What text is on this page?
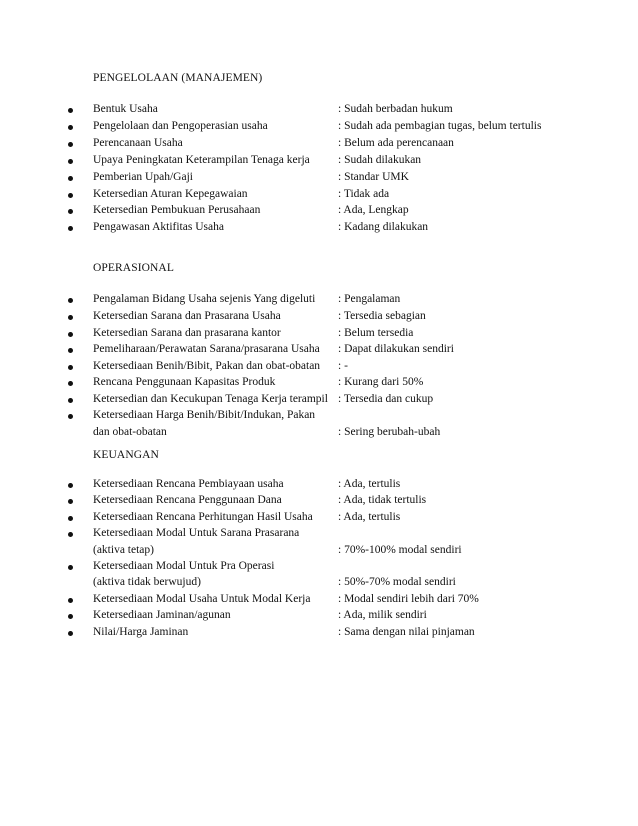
PENGELOLAAN (MANAJEMEN)
Bentuk Usaha	: Sudah berbadan hukum
Pengelolaan dan Pengoperasian usaha	: Sudah ada pembagian tugas, belum tertulis
Perencanaan Usaha	: Belum ada perencanaan
Upaya Peningkatan Keterampilan Tenaga kerja : Sudah dilakukan
Pemberian Upah/Gaji	: Standar UMK
Ketersedian Aturan Kepegawaian	: Tidak ada
Ketersedian Pembukuan Perusahaan	: Ada, Lengkap
Pengawasan Aktifitas Usaha	: Kadang dilakukan
OPERASIONAL
Pengalaman Bidang Usaha sejenis Yang digeluti : Pengalaman
Ketersedian Sarana dan Prasarana Usaha	: Tersedia sebagian
Ketersedian Sarana dan prasarana kantor	: Belum tersedia
Pemeliharaan/Perawatan Sarana/prasarana Usaha : Dapat dilakukan sendiri
Ketersediaan Benih/Bibit, Pakan dan obat-obatan : -
Rencana Penggunaan Kapasitas Produk	: Kurang dari 50%
Ketersedian dan Kecukupan Tenaga Kerja terampil : Tersedia dan cukup
Ketersediaan Harga Benih/Bibit/Indukan, Pakan
dan obat-obatan	: Sering berubah-ubah
KEUANGAN
Ketersediaan Rencana Pembiayaan usaha	: Ada, tertulis
Ketersediaan Rencana Penggunaan Dana	: Ada, tidak tertulis
Ketersediaan Rencana Perhitungan Hasil Usaha : Ada, tertulis
Ketersediaan Modal Untuk Sarana Prasarana
(aktiva tetap)	: 70%-100% modal sendiri
Ketersediaan Modal Untuk Pra Operasi
(aktiva tidak berwujud)	: 50%-70% modal sendiri
Ketersediaan Modal Usaha Untuk Modal Kerja : Modal sendiri lebih dari 70%
Ketersediaan Jaminan/agunan	: Ada, milik sendiri
Nilai/Harga Jaminan	: Sama dengan nilai pinjaman
